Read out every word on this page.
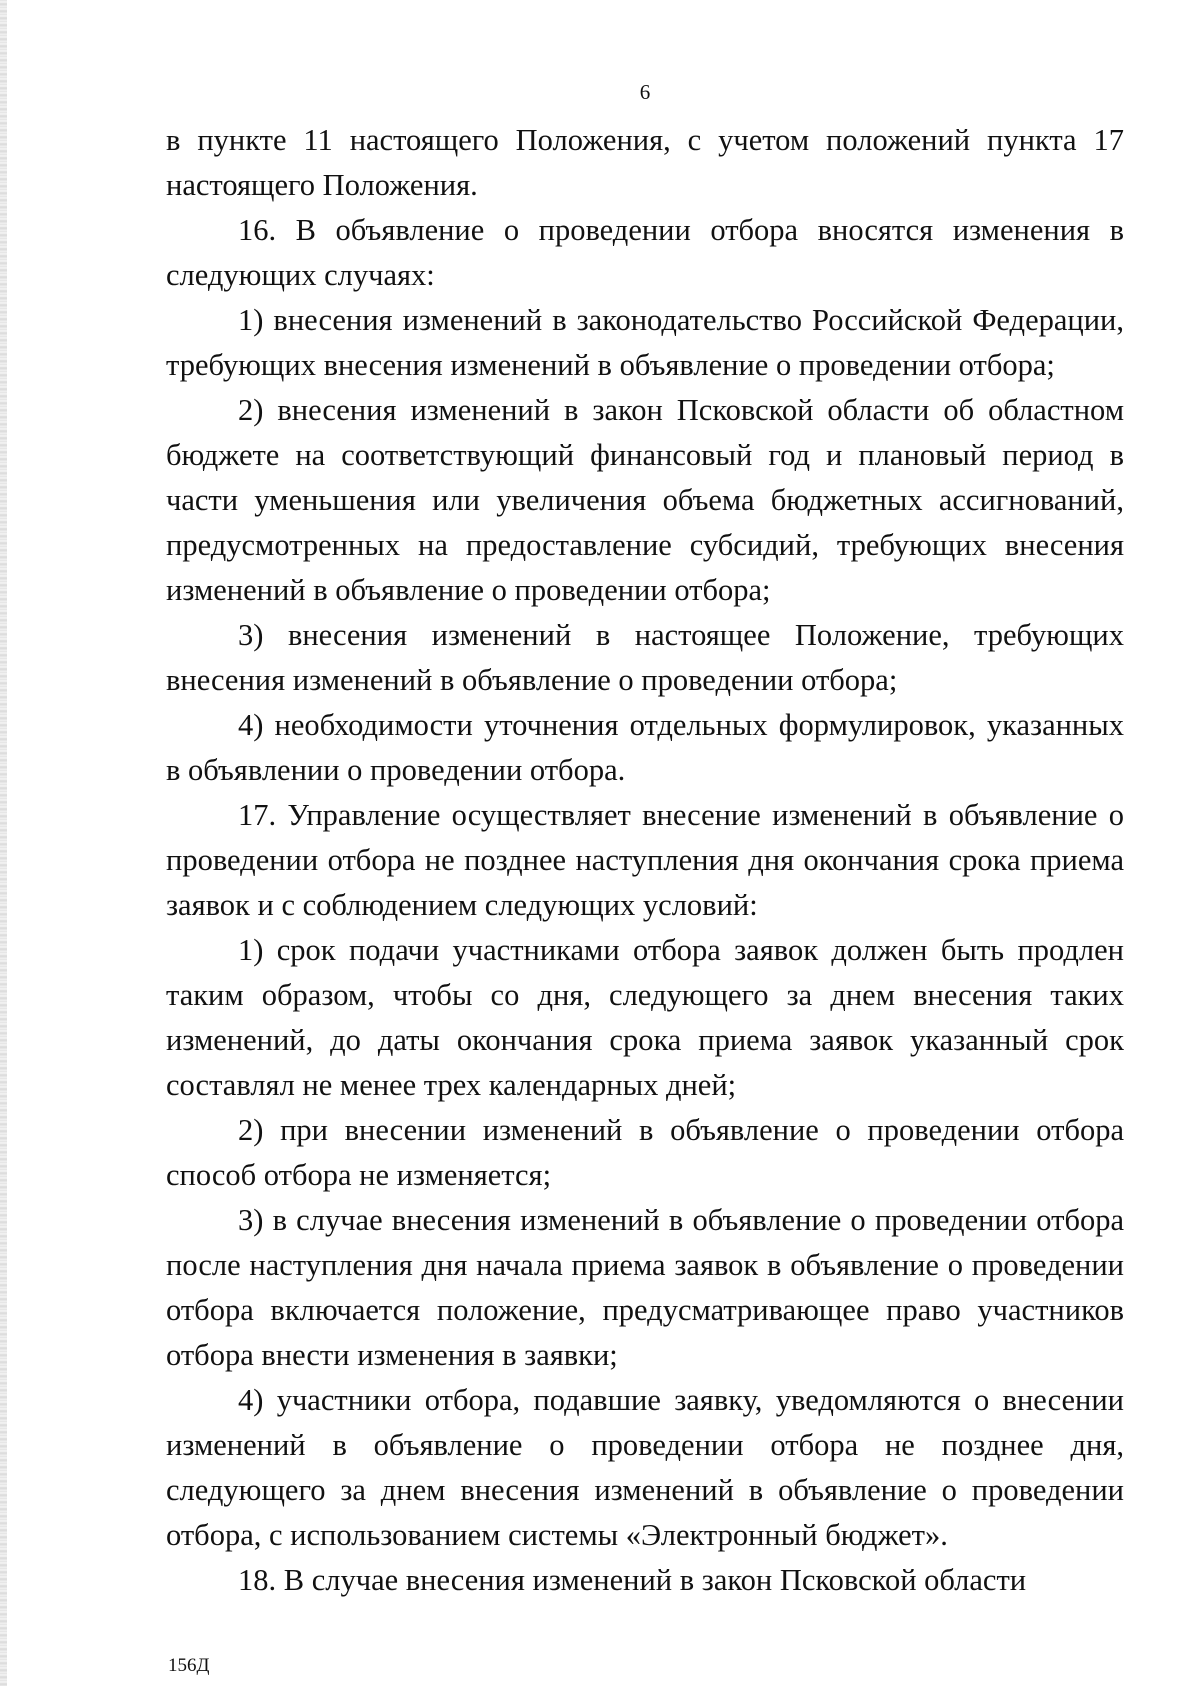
6

в пункте 11 настоящего Положения, с учетом положений пункта 17 настоящего Положения.

16. В объявление о проведении отбора вносятся изменения в следующих случаях:

1) внесения изменений в законодательство Российской Федерации, требующих внесения изменений в объявление о проведении отбора;

2) внесения изменений в закон Псковской области об областном бюджете на соответствующий финансовый год и плановый период в части уменьшения или увеличения объема бюджетных ассигнований, предусмотренных на предоставление субсидий, требующих внесения изменений в объявление о проведении отбора;

3) внесения изменений в настоящее Положение, требующих внесения изменений в объявление о проведении отбора;

4) необходимости уточнения отдельных формулировок, указанных в объявлении о проведении отбора.

17. Управление осуществляет внесение изменений в объявление о проведении отбора не позднее наступления дня окончания срока приема заявок и с соблюдением следующих условий:

1) срок подачи участниками отбора заявок должен быть продлен таким образом, чтобы со дня, следующего за днем внесения таких изменений, до даты окончания срока приема заявок указанный срок составлял не менее трех календарных дней;

2) при внесении изменений в объявление о проведении отбора способ отбора не изменяется;

3) в случае внесения изменений в объявление о проведении отбора после наступления дня начала приема заявок в объявление о проведении отбора включается положение, предусматривающее право участников отбора внести изменения в заявки;

4) участники отбора, подавшие заявку, уведомляются о внесении изменений в объявление о проведении отбора не позднее дня, следующего за днем внесения изменений в объявление о проведении отбора, с использованием системы «Электронный бюджет».

18. В случае внесения изменений в закон Псковской области

156Д
